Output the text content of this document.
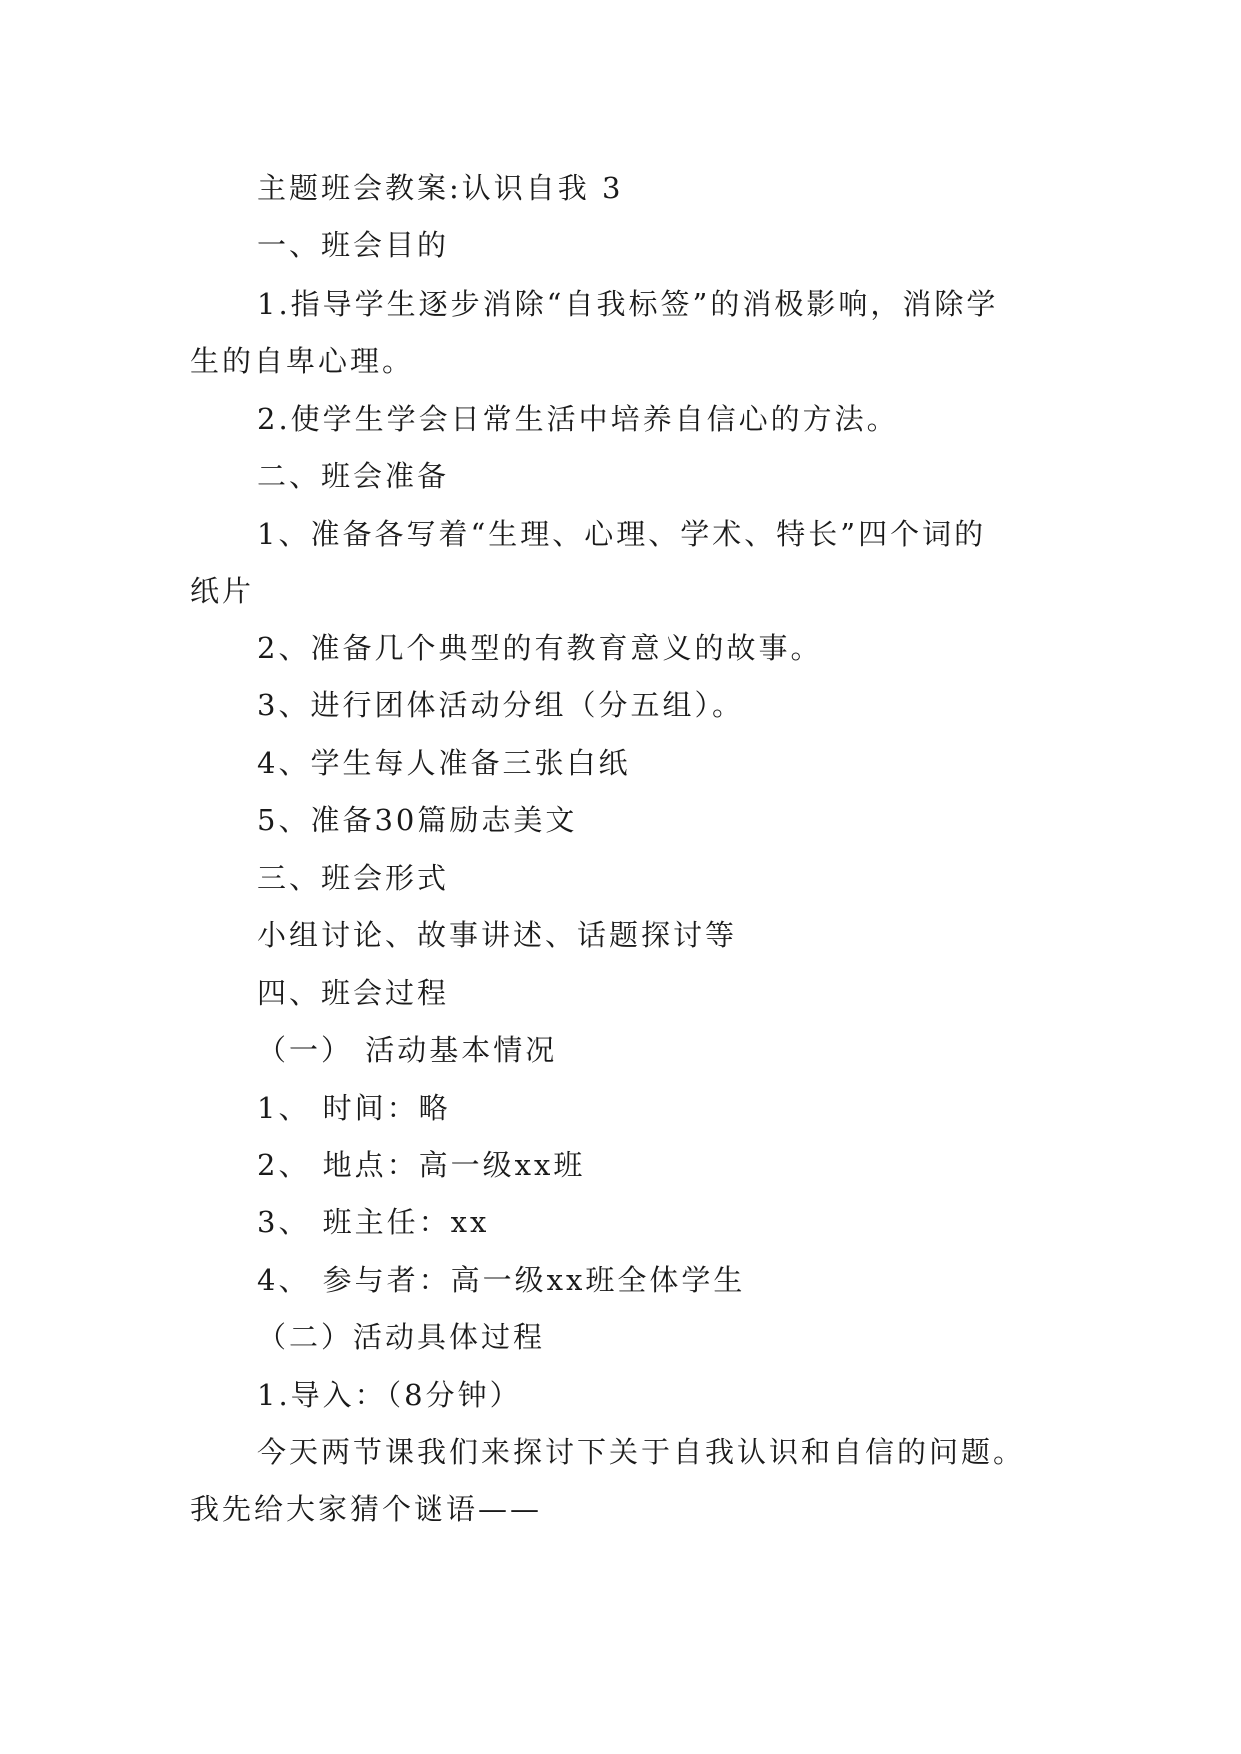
主题班会教案:认识自我 3
一、班会目的
1.指导学生逐步消除“自我标签”的消极影响，消除学
生的自卑心理。
2.使学生学会日常生活中培养自信心的方法。
二、班会准备
1、准备各写着“生理、心理、学术、特长”四个词的
纸片
2、准备几个典型的有教育意义的故事。
3、进行团体活动分组（分五组）。
4、学生每人准备三张白纸
5、准备30篇励志美文
三、班会形式
小组讨论、故事讲述、话题探讨等
四、班会过程
（一） 活动基本情况
1、 时间：略
2、 地点：高一级xx班
3、 班主任：xx
4、 参与者：高一级xx班全体学生
（二）活动具体过程
1.导入：（8分钟）
今天两节课我们来探讨下关于自我认识和自信的问题。
我先给大家猜个谜语——
